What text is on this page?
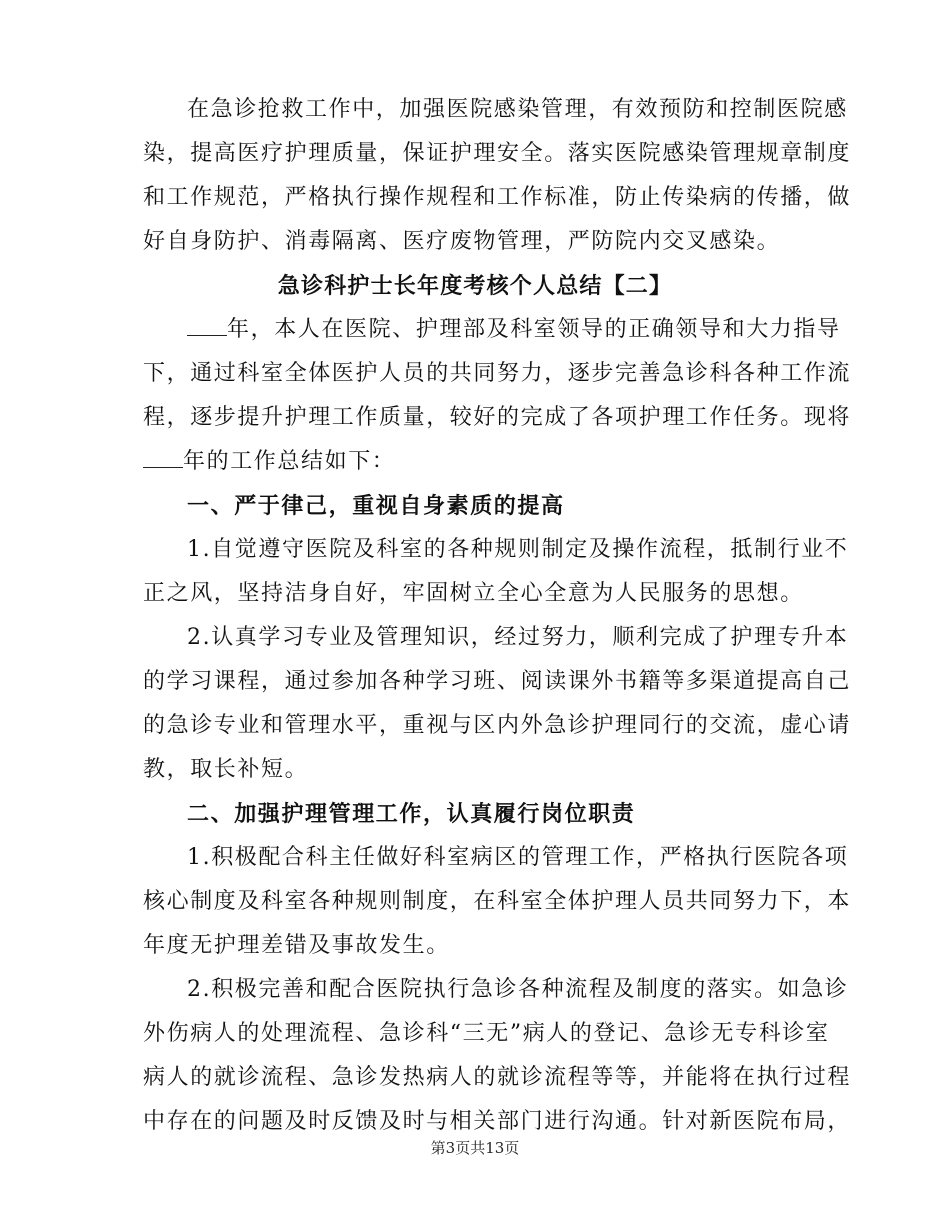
在急诊抢救工作中，加强医院感染管理，有效预防和控制医院感
染，提高医疗护理质量，保证护理安全。落实医院感染管理规章制度
和工作规范，严格执行操作规程和工作标准，防止传染病的传播，做
好自身防护、消毒隔离、医疗废物管理，严防院内交叉感染。
急诊科护士长年度考核个人总结【二】
年，本人在医院、护理部及科室领导的正确领导和大力指导
下，通过科室全体医护人员的共同努力，逐步完善急诊科各种工作流
程，逐步提升护理工作质量，较好的完成了各项护理工作任务。现将
年的工作总结如下：
一、严于律己，重视自身素质的提高
1.自觉遵守医院及科室的各种规则制定及操作流程，抵制行业不
正之风，坚持洁身自好，牢固树立全心全意为人民服务的思想。
2.认真学习专业及管理知识，经过努力，顺利完成了护理专升本
的学习课程，通过参加各种学习班、阅读课外书籍等多渠道提高自己
的急诊专业和管理水平，重视与区内外急诊护理同行的交流，虚心请
教，取长补短。
二、加强护理管理工作，认真履行岗位职责
1.积极配合科主任做好科室病区的管理工作，严格执行医院各项
核心制度及科室各种规则制度，在科室全体护理人员共同努力下，本
年度无护理差错及事故发生。
2.积极完善和配合医院执行急诊各种流程及制度的落实。如急诊
外伤病人的处理流程、急诊科“三无”病人的登记、急诊无专科诊室
病人的就诊流程、急诊发热病人的就诊流程等等，并能将在执行过程
中存在的问题及时反馈及时与相关部门进行沟通。针对新医院布局，
第3页共13页
